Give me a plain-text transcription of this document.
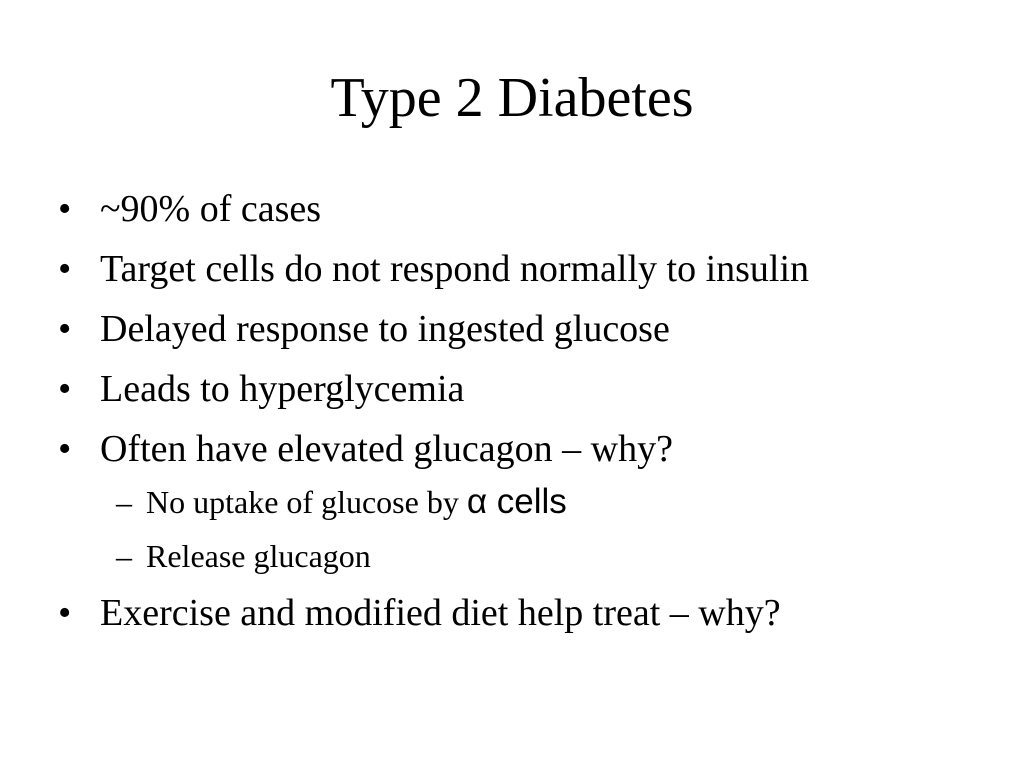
Type 2 Diabetes
• ~90% of cases
• Target cells do not respond normally to insulin
• Delayed response to ingested glucose
• Leads to hyperglycemia
• Often have elevated glucagon – why?
– No uptake of glucose by α cells
– Release glucagon
• Exercise and modified diet help treat – why?
